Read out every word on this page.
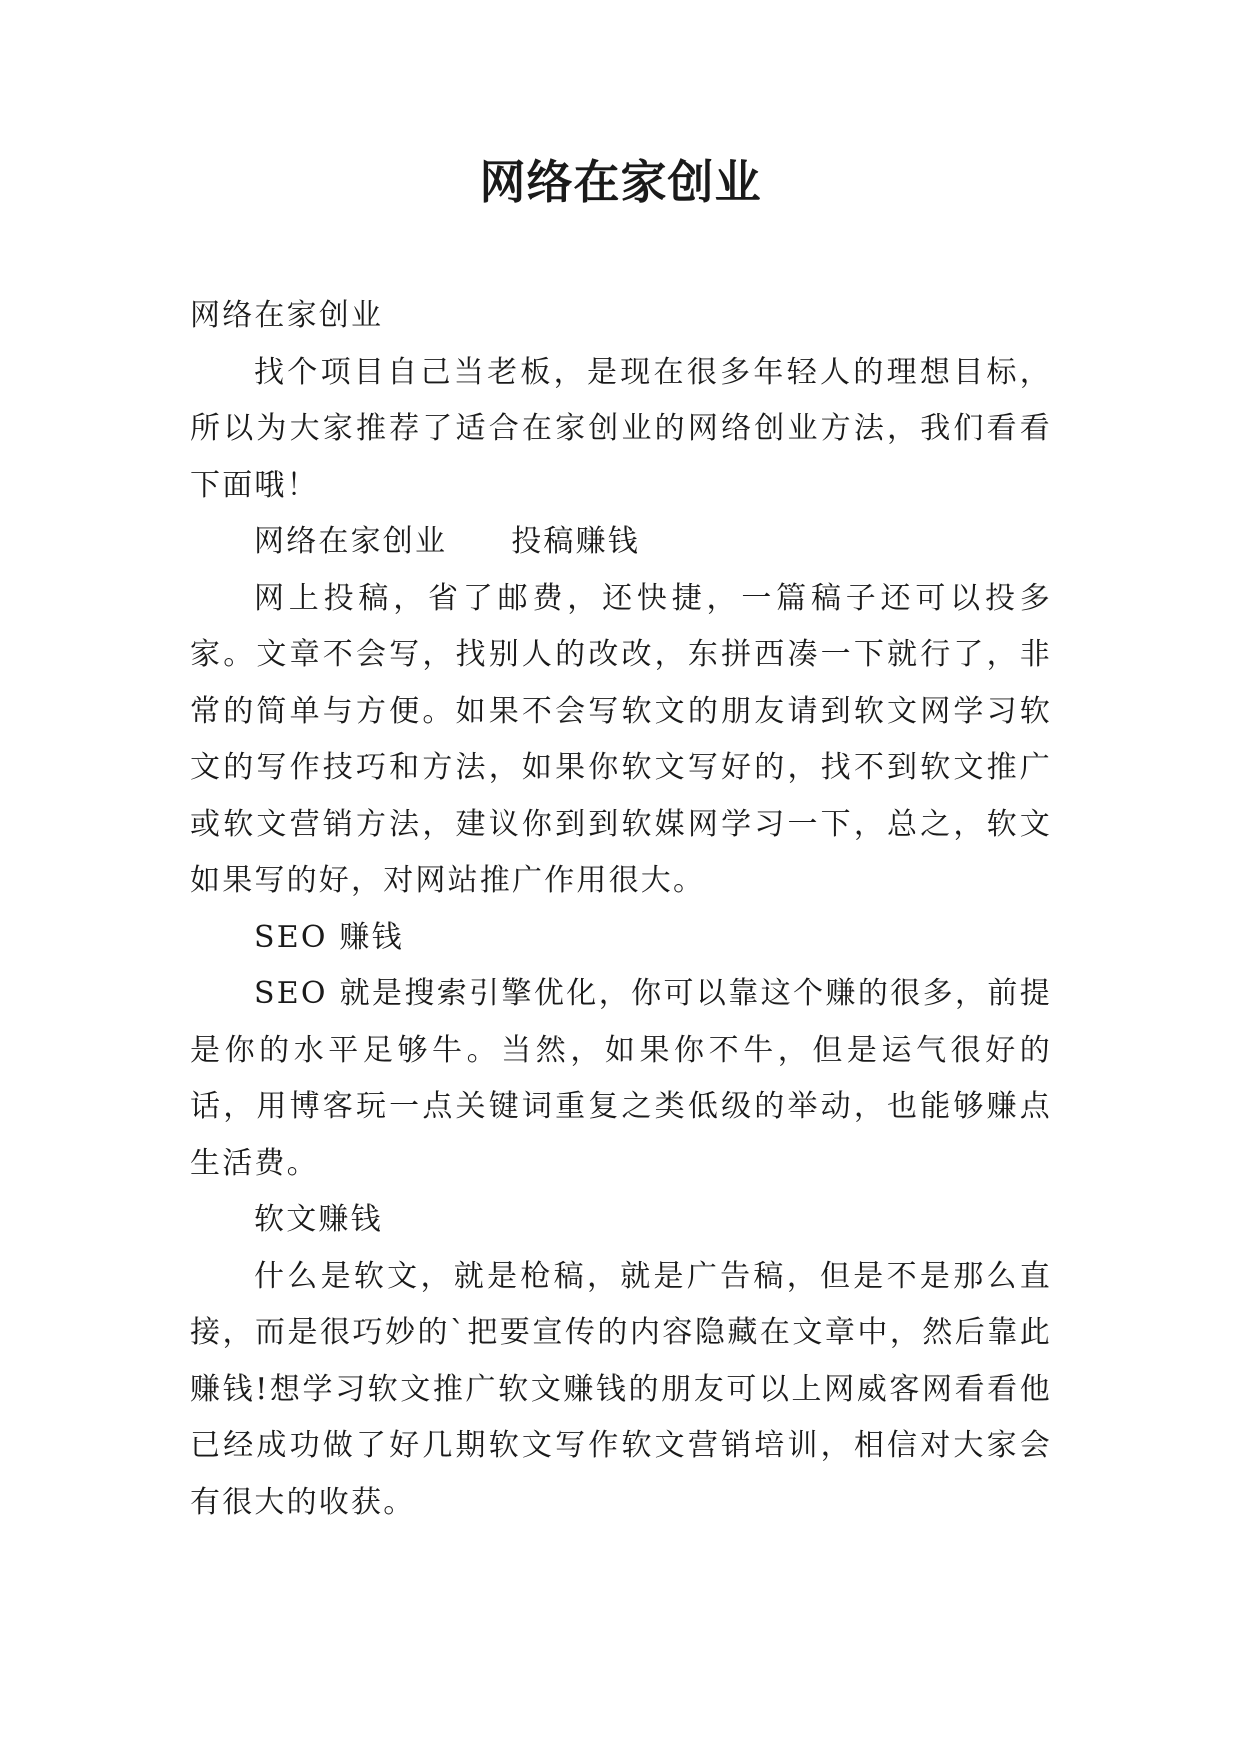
网络在家创业

网络在家创业

找个项目自己当老板，是现在很多年轻人的理想目标，所以为大家推荐了适合在家创业的网络创业方法，我们看看下面哦！

网络在家创业 投稿赚钱

网上投稿，省了邮费，还快捷，一篇稿子还可以投多家。文章不会写，找别人的改改，东拼西凑一下就行了，非常的简单与方便。如果不会写软文的朋友请到软文网学习软文的写作技巧和方法，如果你软文写好的，找不到软文推广或软文营销方法，建议你到到软媒网学习一下，总之，软文如果写的好，对网站推广作用很大。

SEO 赚钱

SEO 就是搜索引擎优化，你可以靠这个赚的很多，前提是你的水平足够牛。当然，如果你不牛，但是运气很好的话，用博客玩一点关键词重复之类低级的举动，也能够赚点生活费。

软文赚钱

什么是软文，就是枪稿，就是广告稿，但是不是那么直接，而是很巧妙的`把要宣传的内容隐藏在文章中，然后靠此赚钱!想学习软文推广软文赚钱的朋友可以上网威客网看看他已经成功做了好几期软文写作软文营销培训，相信对大家会有很大的收获。
